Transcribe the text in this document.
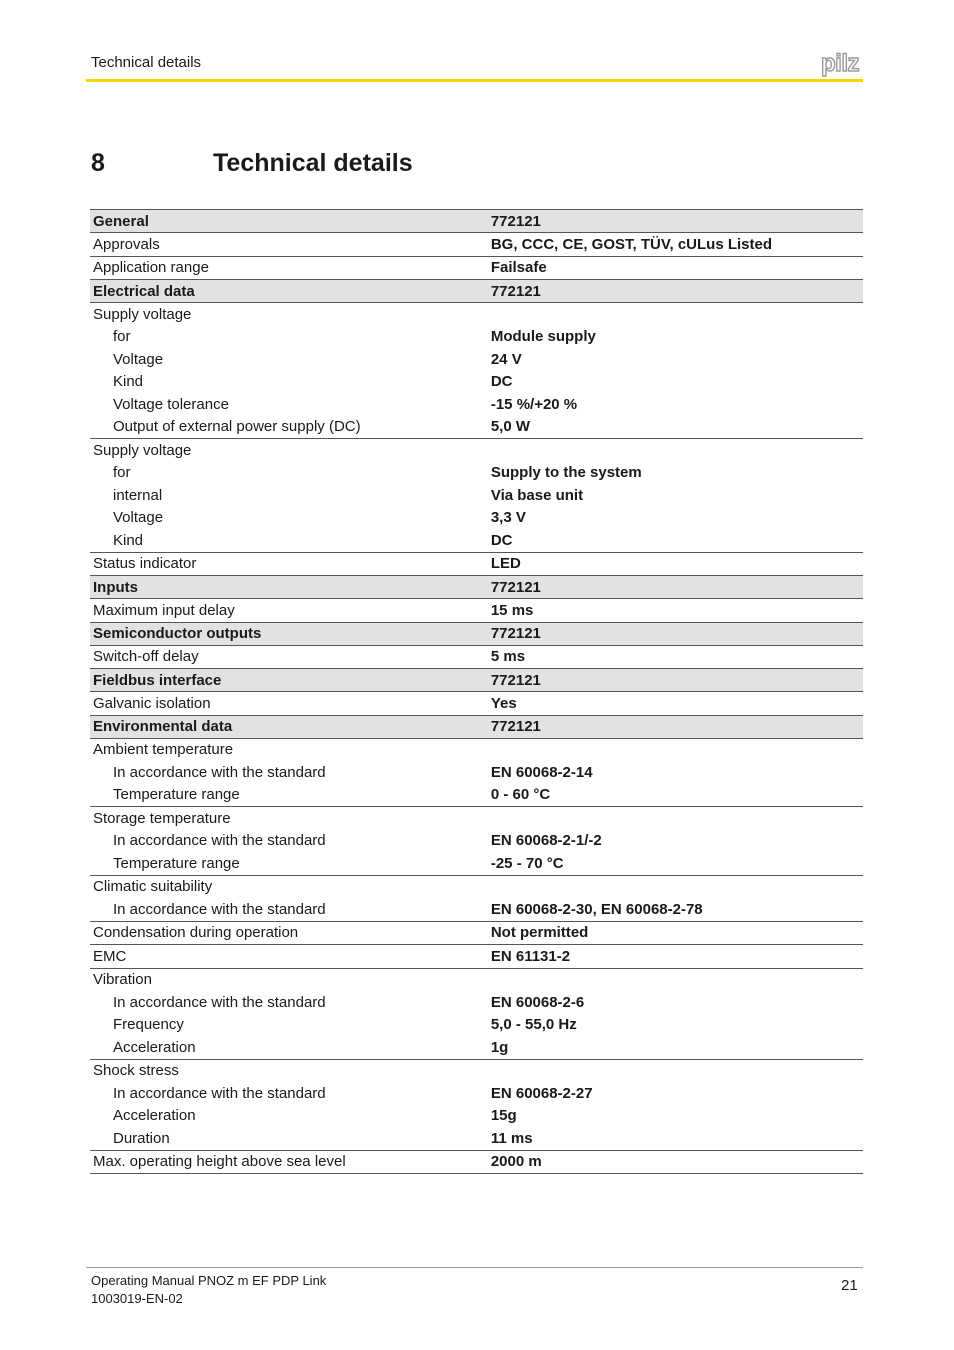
Technical details	pilz
8	Technical details
General	772121
Approvals	BG, CCC, CE, GOST, TÜV, cULus Listed
Application range	Failsafe
Electrical data	772121
Supply voltage	
for	Module supply
Voltage	24 V
Kind	DC
Voltage tolerance	-15 %/+20 %
Output of external power supply (DC)	5,0 W
Supply voltage	
for	Supply to the system
internal	Via base unit
Voltage	3,3 V
Kind	DC
Status indicator	LED
Inputs	772121
Maximum input delay	15 ms
Semiconductor outputs	772121
Switch-off delay	5 ms
Fieldbus interface	772121
Galvanic isolation	Yes
Environmental data	772121
Ambient temperature	
In accordance with the standard	EN 60068-2-14
Temperature range	0 - 60 °C
Storage temperature	
In accordance with the standard	EN 60068-2-1/-2
Temperature range	-25 - 70 °C
Climatic suitability	
In accordance with the standard	EN 60068-2-30, EN 60068-2-78
Condensation during operation	Not permitted
EMC	EN 61131-2
Vibration	
In accordance with the standard	EN 60068-2-6
Frequency	5,0 - 55,0 Hz
Acceleration	1g
Shock stress	
In accordance with the standard	EN 60068-2-27
Acceleration	15g
Duration	11 ms
Max. operating height above sea level	2000 m
Operating Manual PNOZ m EF PDP Link
1003019-EN-02
21
